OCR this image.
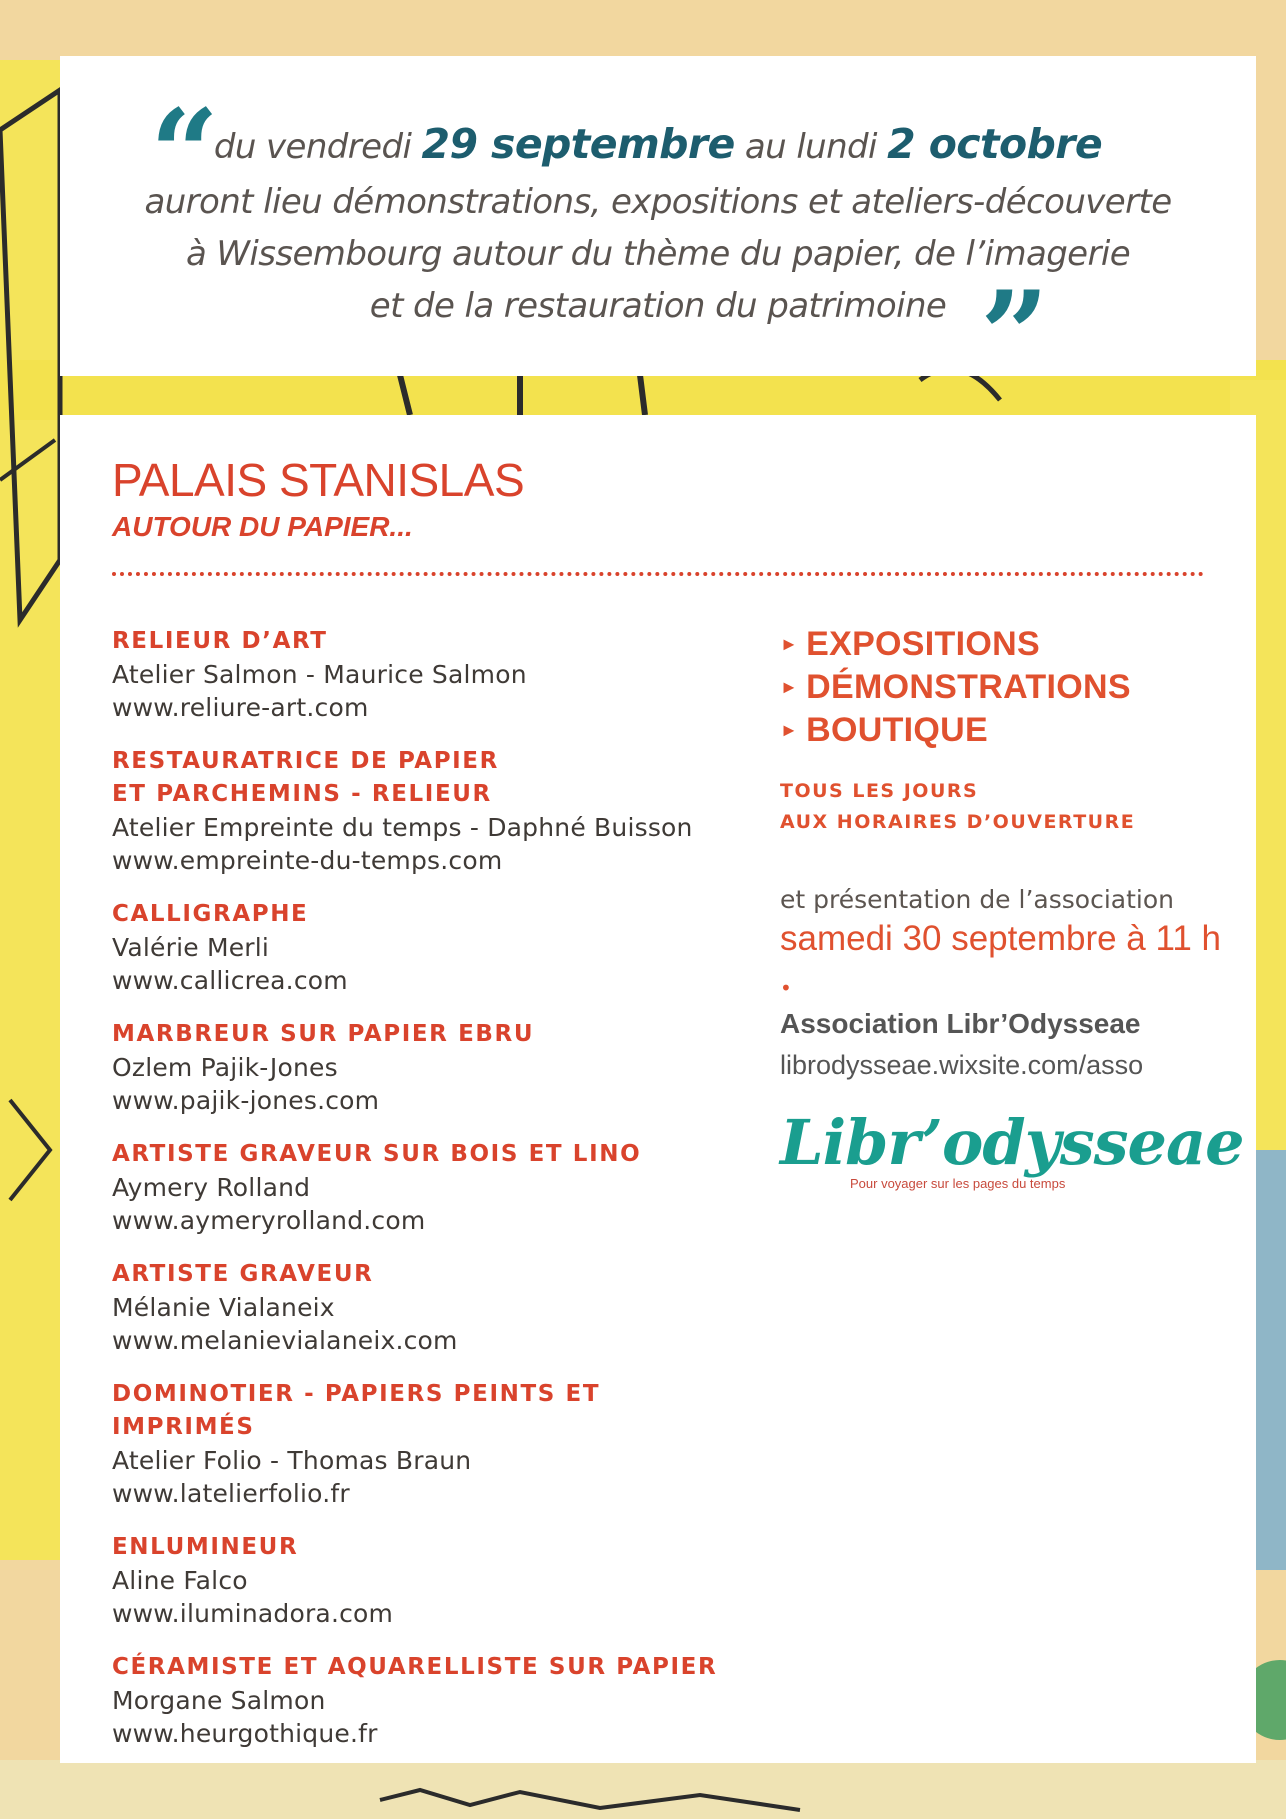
“
du vendredi 29 septembre au lundi 2 octobre
auront lieu démonstrations, expositions et ateliers-découverte
à Wissembourg autour du thème du papier, de l’imagerie
et de la restauration du patrimoine ”
PALAIS STANISLAS
AUTOUR DU PAPIER...
RELIEUR D’ART
Atelier Salmon - Maurice Salmon
www.reliure-art.com
RESTAURATRICE DE PAPIER
ET PARCHEMINS - RELIEUR
Atelier Empreinte du temps - Daphné Buisson
www.empreinte-du-temps.com
CALLIGRAPHE
Valérie Merli
www.callicrea.com
MARBREUR SUR PAPIER EBRU
Ozlem Pajik-Jones
www.pajik-jones.com
ARTISTE GRAVEUR SUR BOIS ET LINO
Aymery Rolland
www.aymeryrolland.com
ARTISTE GRAVEUR
Mélanie Vialaneix
www.melanievialaneix.com
DOMINOTIER - PAPIERS PEINTS ET IMPRIMÉS
Atelier Folio - Thomas Braun
www.latelierfolio.fr
ENLUMINEUR
Aline Falco
www.iluminadora.com
CÉRAMISTE ET AQUARELLISTE SUR PAPIER
Morgane Salmon
www.heurgothique.fr
► EXPOSITIONS
► DÉMONSTRATIONS
► BOUTIQUE
TOUS LES JOURS
AUX HORAIRES D’OUVERTURE
et présentation de l’association
samedi 30 septembre à 11 h
•
Association Libr’Odysseae
librodysseae.wixsite.com/asso
Libr’odysseae
Pour voyager sur les pages du temps
